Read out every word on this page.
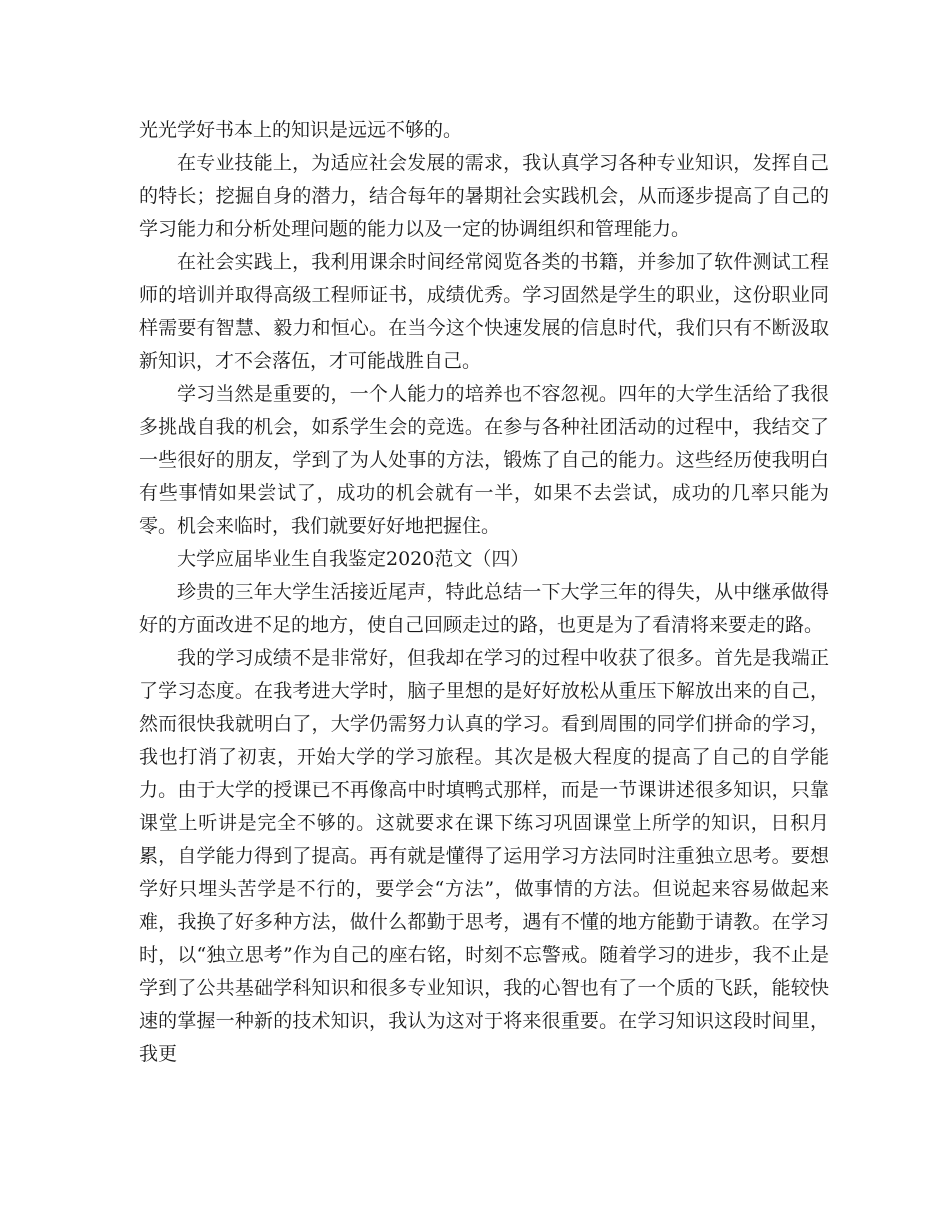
光光学好书本上的知识是远远不够的。

在专业技能上，为适应社会发展的需求，我认真学习各种专业知识，发挥自己的特长；挖掘自身的潜力，结合每年的暑期社会实践机会，从而逐步提高了自己的学习能力和分析处理问题的能力以及一定的协调组织和管理能力。

在社会实践上，我利用课余时间经常阅览各类的书籍，并参加了软件测试工程师的培训并取得高级工程师证书，成绩优秀。学习固然是学生的职业，这份职业同样需要有智慧、毅力和恒心。在当今这个快速发展的信息时代，我们只有不断汲取新知识，才不会落伍，才可能战胜自己。

学习当然是重要的，一个人能力的培养也不容忽视。四年的大学生活给了我很多挑战自我的机会，如系学生会的竞选。在参与各种社团活动的过程中，我结交了一些很好的朋友，学到了为人处事的方法，锻炼了自己的能力。这些经历使我明白有些事情如果尝试了，成功的机会就有一半，如果不去尝试，成功的几率只能为零。机会来临时，我们就要好好地把握住。

大学应届毕业生自我鉴定2020范文（四）

珍贵的三年大学生活接近尾声，特此总结一下大学三年的得失，从中继承做得好的方面改进不足的地方，使自己回顾走过的路，也更是为了看清将来要走的路。

我的学习成绩不是非常好，但我却在学习的过程中收获了很多。首先是我端正了学习态度。在我考进大学时，脑子里想的是好好放松从重压下解放出来的自己，然而很快我就明白了，大学仍需努力认真的学习。看到周围的同学们拼命的学习，我也打消了初衷，开始大学的学习旅程。其次是极大程度的提高了自己的自学能力。由于大学的授课已不再像高中时填鸭式那样，而是一节课讲述很多知识，只靠课堂上听讲是完全不够的。这就要求在课下练习巩固课堂上所学的知识，日积月累，自学能力得到了提高。再有就是懂得了运用学习方法同时注重独立思考。要想学好只埋头苦学是不行的，要学会“方法”，做事情的方法。但说起来容易做起来难，我换了好多种方法，做什么都勤于思考，遇有不懂的地方能勤于请教。在学习时，以“独立思考”作为自己的座右铭，时刻不忘警戒。随着学习的进步，我不止是学到了公共基础学科知识和很多专业知识，我的心智也有了一个质的飞跃，能较快速的掌握一种新的技术知识，我认为这对于将来很重要。在学习知识这段时间里，我更
